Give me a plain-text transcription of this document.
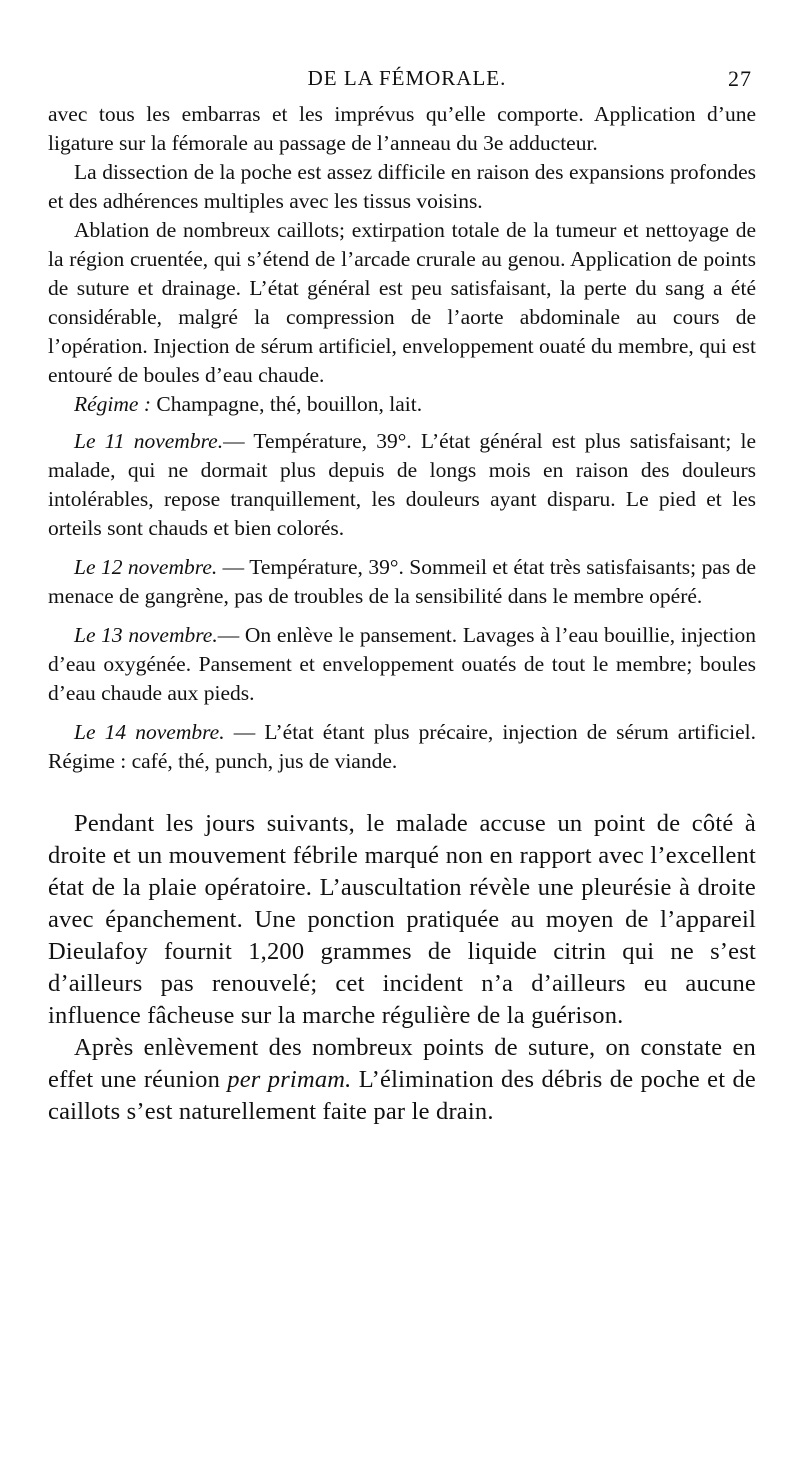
DE LA FÉMORALE.	27

avec tous les embarras et les imprévus qu’elle comporte. Application d’une ligature sur la fémorale au passage de l’anneau du 3e adducteur.

La dissection de la poche est assez difficile en raison des expansions profondes et des adhérences multiples avec les tissus voisins.

Ablation de nombreux caillots; extirpation totale de la tumeur et nettoyage de la région cruentée, qui s’étend de l’arcade crurale au genou. Application de points de suture et drainage. L’état général est peu satisfaisant, la perte du sang a été considérable, malgré la compression de l’aorte abdominale au cours de l’opération. Injection de sérum artificiel, enveloppement ouaté du membre, qui est entouré de boules d’eau chaude.

Régime : Champagne, thé, bouillon, lait.

Le 11 novembre.— Température, 39°. L’état général est plus satisfaisant; le malade, qui ne dormait plus depuis de longs mois en raison des douleurs intolérables, repose tranquillement, les douleurs ayant disparu. Le pied et les orteils sont chauds et bien colorés.

Le 12 novembre. — Température, 39°. Sommeil et état très satisfaisants; pas de menace de gangrène, pas de troubles de la sensibilité dans le membre opéré.

Le 13 novembre.— On enlève le pansement. Lavages à l’eau bouillie, injection d’eau oxygénée. Pansement et enveloppement ouatés de tout le membre; boules d’eau chaude aux pieds.

Le 14 novembre. — L’état étant plus précaire, injection de sérum artificiel. Régime : café, thé, punch, jus de viande.

Pendant les jours suivants, le malade accuse un point de côté à droite et un mouvement fébrile marqué non en rapport avec l’excellent état de la plaie opératoire. L’auscultation révèle une pleurésie à droite avec épanchement. Une ponction pratiquée au moyen de l’appareil Dieulafoy fournit 1,200 grammes de liquide citrin qui ne s’est d’ailleurs pas renouvelé; cet incident n’a d’ailleurs eu aucune influence fâcheuse sur la marche régulière de la guérison.

Après enlèvement des nombreux points de suture, on constate en effet une réunion per primam. L’élimination des débris de poche et de caillots s’est naturellement faite par le drain.
